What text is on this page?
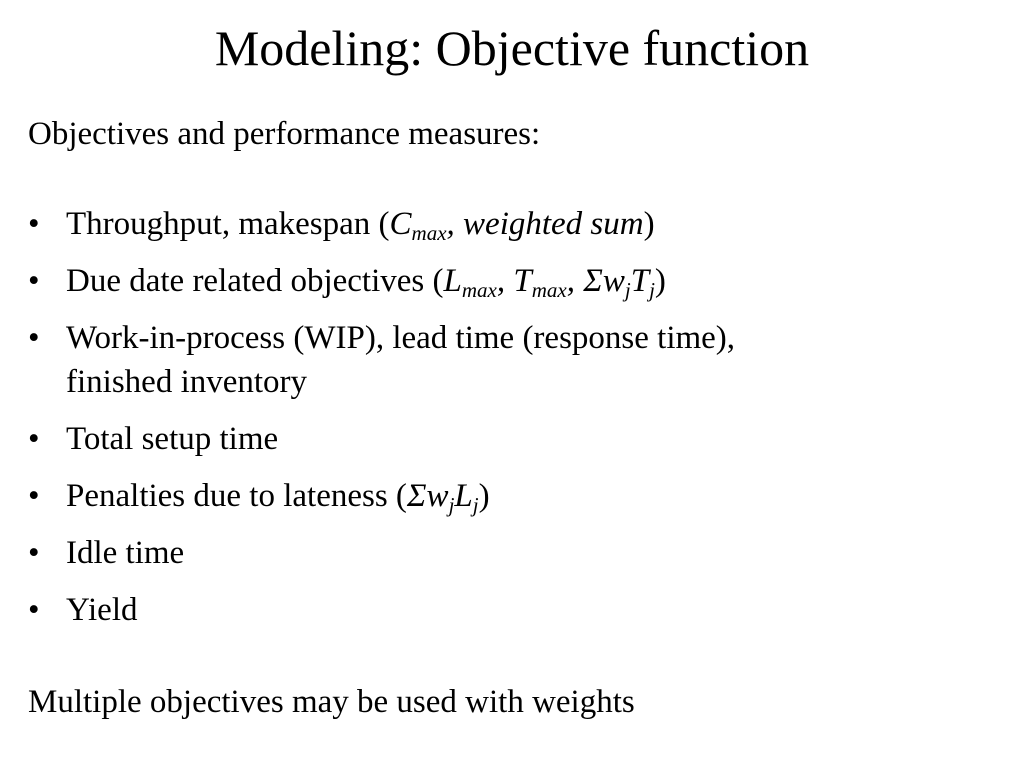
Modeling: Objective function
Objectives and performance measures:
• Throughput, makespan ($C_{max}$, weighted sum)
• Due date related objectives ($L_{max}$, $T_{max}$, $\Sigma w_jT_j$)
• Work-in-process (WIP), lead time (response time),
finished inventory
• Total setup time
• Penalties due to lateness $(\Sigma w_jL_j)$
• Idle time
• Yield
Multiple objectives may be used with weights
